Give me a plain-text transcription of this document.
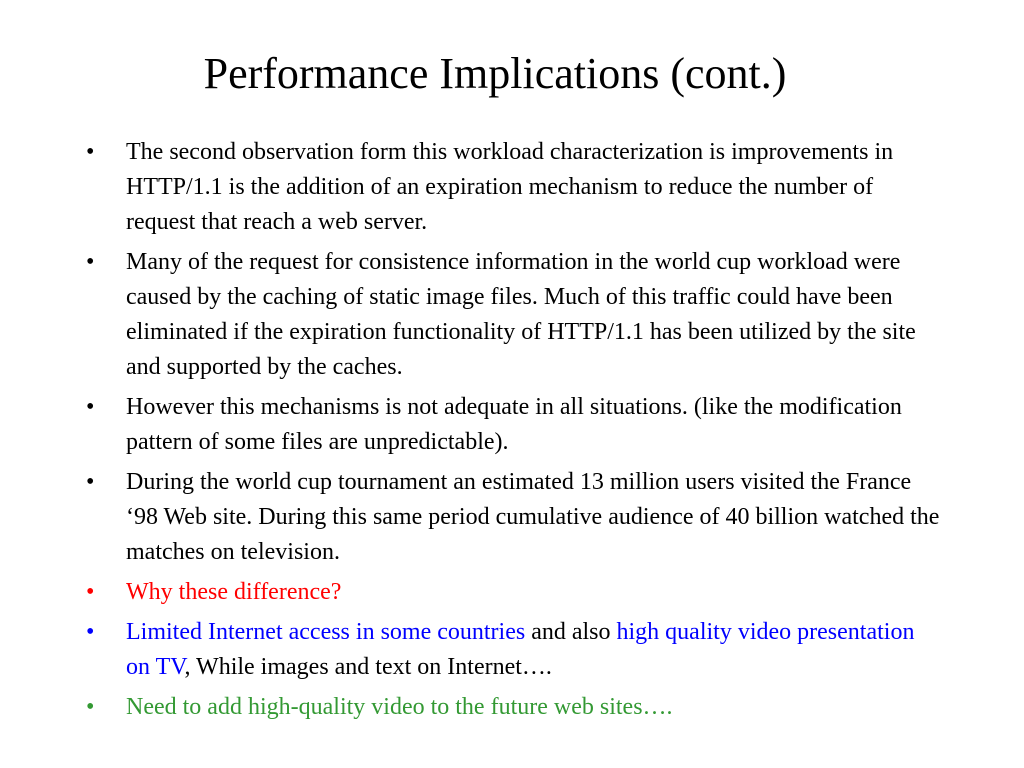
Performance Implications (cont.)
•	The second observation form this workload characterization is improvements in HTTP/1.1 is the addition of an expiration mechanism to reduce the number of request that reach a web server.
•	Many of the request for consistence information in the world cup workload were caused by the caching of static image files. Much of this traffic could have been eliminated if the expiration functionality of HTTP/1.1 has been utilized by the site and supported by the caches.
•	However this mechanisms is not adequate in all situations. (like the modification pattern of some files are unpredictable).
•	During the world cup tournament an estimated 13 million users visited the France ‘98 Web site. During this same period cumulative audience of 40 billion watched the matches on television.
•	Why these difference?
•	Limited Internet access in some countries and also high quality video presentation on TV, While images and text on Internet….
•	Need to add high-quality video to the future web sites….
